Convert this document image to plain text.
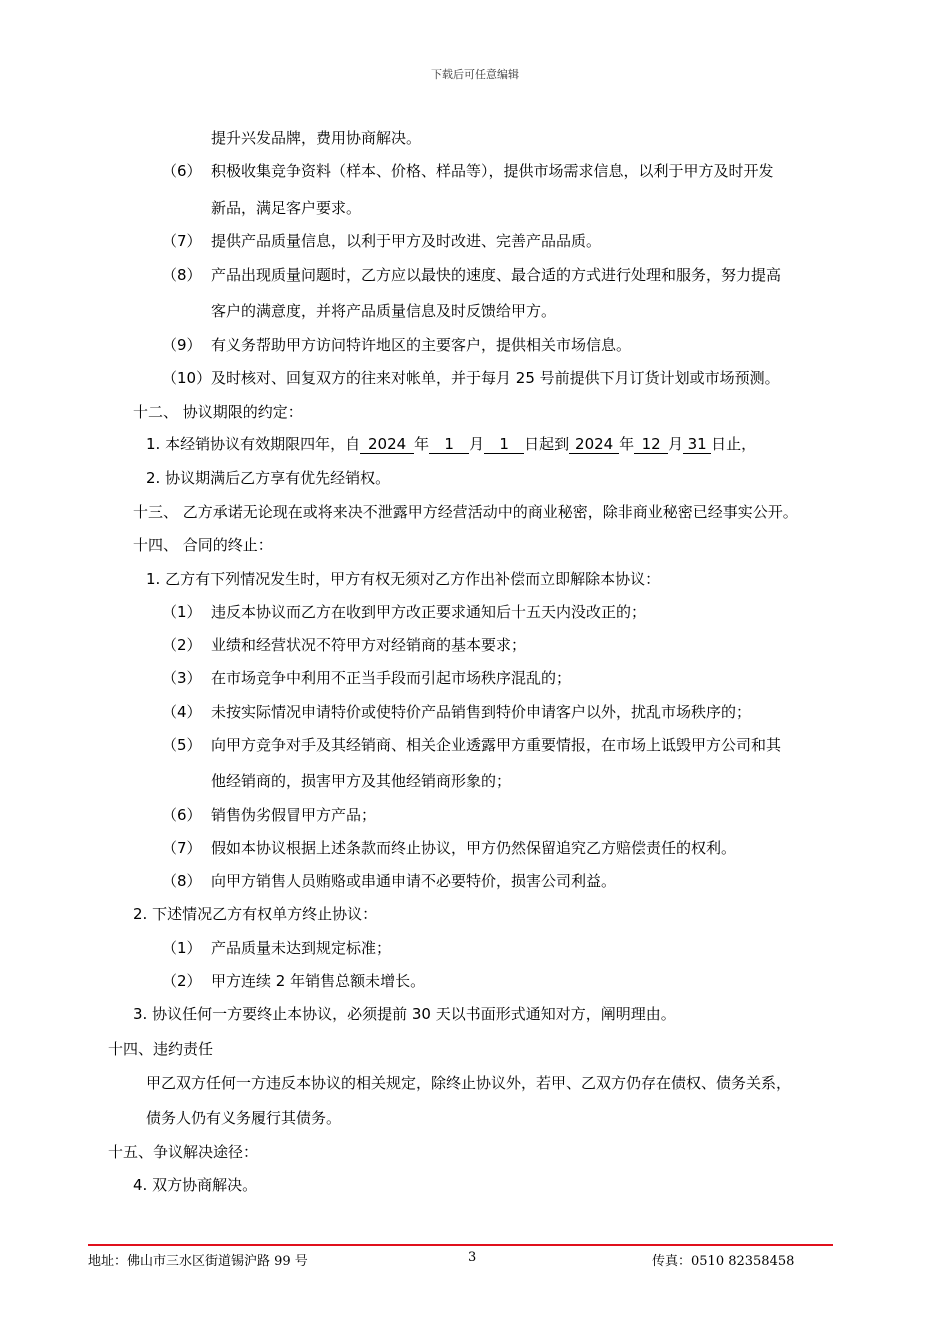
下载后可任意编辑
提升兴发品牌，费用协商解决。
（6） 积极收集竞争资料（样本、价格、样品等），提供市场需求信息，以利于甲方及时开发
新品，满足客户要求。
（7） 提供产品质量信息，以利于甲方及时改进、完善产品品质。
（8） 产品出现质量问题时，乙方应以最快的速度、最合适的方式进行处理和服务，努力提高
客户的满意度，并将产品质量信息及时反馈给甲方。
（9） 有义务帮助甲方访问特许地区的主要客户，提供相关市场信息。
（10） 及时核对、回复双方的往来对帐单，并于每月 25 号前提供下月订货计划或市场预测。
十二、 协议期限的约定：
1. 本经销协议有效期限四年，自 2024 年 1 月 1 日起到 2024 年 12 月 31 日止，
2. 协议期满后乙方享有优先经销权。
十三、 乙方承诺无论现在或将来决不泄露甲方经营活动中的商业秘密，除非商业秘密已经事实公开。
十四、 合同的终止：
1. 乙方有下列情况发生时，甲方有权无须对乙方作出补偿而立即解除本协议：
（1） 违反本协议而乙方在收到甲方改正要求通知后十五天内没改正的；
（2） 业绩和经营状况不符甲方对经销商的基本要求；
（3） 在市场竞争中利用不正当手段而引起市场秩序混乱的；
（4） 未按实际情况申请特价或使特价产品销售到特价申请客户以外，扰乱市场秩序的；
（5） 向甲方竞争对手及其经销商、相关企业透露甲方重要情报，在市场上诋毁甲方公司和其
他经销商的，损害甲方及其他经销商形象的；
（6） 销售伪劣假冒甲方产品；
（7） 假如本协议根据上述条款而终止协议，甲方仍然保留追究乙方赔偿责任的权利。
（8） 向甲方销售人员贿赂或串通申请不必要特价，损害公司利益。
2. 下述情况乙方有权单方终止协议：
（1） 产品质量未达到规定标准；
（2） 甲方连续 2 年销售总额未增长。
3. 协议任何一方要终止本协议，必须提前 30 天以书面形式通知对方，阐明理由。
十四、违约责任
甲乙双方任何一方违反本协议的相关规定，除终止协议外，若甲、乙双方仍存在债权、债务关系，
债务人仍有义务履行其债务。
十五、争议解决途径：
4. 双方协商解决。
地址：佛山市三水区街道锡沪路 99 号	3	传真：0510 82358458
